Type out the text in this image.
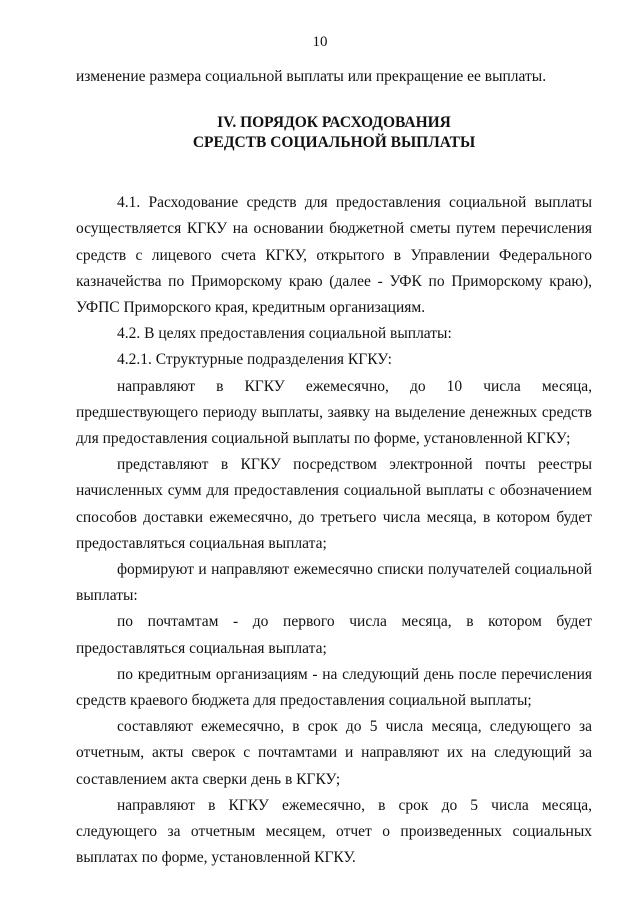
10

изменение размера социальной выплаты или прекращение ее выплаты.

IV. ПОРЯДОК РАСХОДОВАНИЯ
СРЕДСТВ СОЦИАЛЬНОЙ ВЫПЛАТЫ

4.1. Расходование средств для предоставления социальной выплаты осуществляется КГКУ на основании бюджетной сметы путем перечисления средств с лицевого счета КГКУ, открытого в Управлении Федерального казначейства по Приморскому краю (далее - УФК по Приморскому краю), УФПС Приморского края, кредитным организациям.

4.2. В целях предоставления социальной выплаты:

4.2.1. Структурные подразделения КГКУ:

направляют в КГКУ ежемесячно, до 10 числа месяца, предшествующего периоду выплаты, заявку на выделение денежных средств для предоставления социальной выплаты по форме, установленной КГКУ;

представляют в КГКУ посредством электронной почты реестры начисленных сумм для предоставления социальной выплаты с обозначением способов доставки ежемесячно, до третьего числа месяца, в котором будет предоставляться социальная выплата;

формируют и направляют ежемесячно списки получателей социальной выплаты:

по почтамтам - до первого числа месяца, в котором будет предоставляться социальная выплата;

по кредитным организациям - на следующий день после перечисления средств краевого бюджета для предоставления социальной выплаты;

составляют ежемесячно, в срок до 5 числа месяца, следующего за отчетным, акты сверок с почтамтами и направляют их на следующий за составлением акта сверки день в КГКУ;

направляют в КГКУ ежемесячно, в срок до 5 числа месяца, следующего за отчетным месяцем, отчет о произведенных социальных выплатах по форме, установленной КГКУ.
